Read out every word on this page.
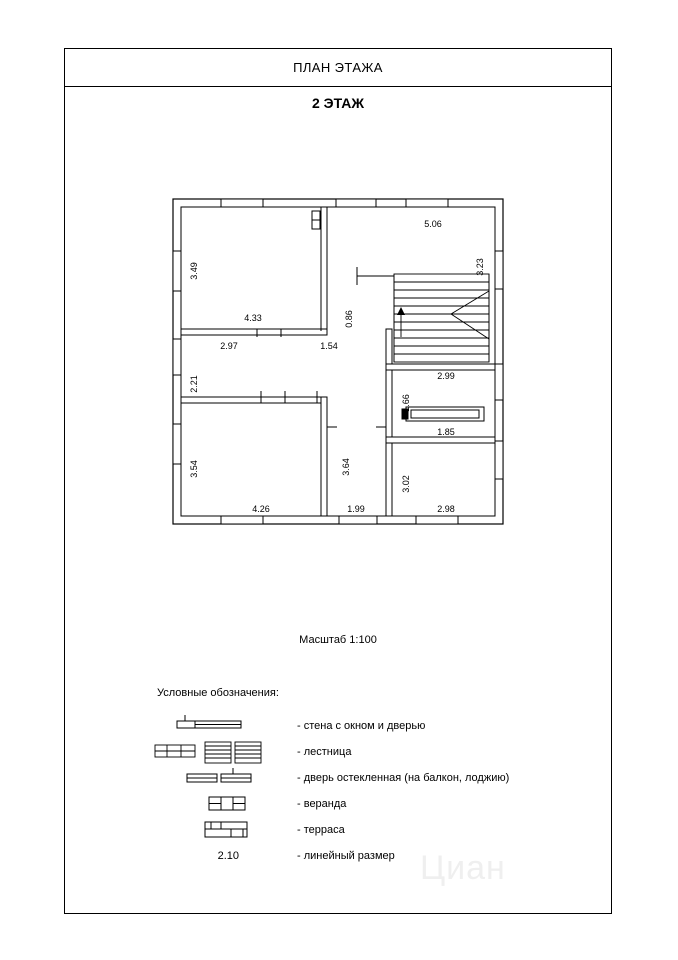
ПЛАН ЭТАЖА
2 ЭТАЖ
3.49
4.33
2.97	1.54
0.86
5.06
3.23
2.21	2.99
1.66
1.85
3.54	3.64
3.02
4.26	1.99	2.98
Масштаб 1:100
Условные обозначения:
- стена с окном и дверью
- лестница
- дверь остекленная (на балкон, лоджию)
- веранда
- терраса
2.10	- линейный размер Циан
